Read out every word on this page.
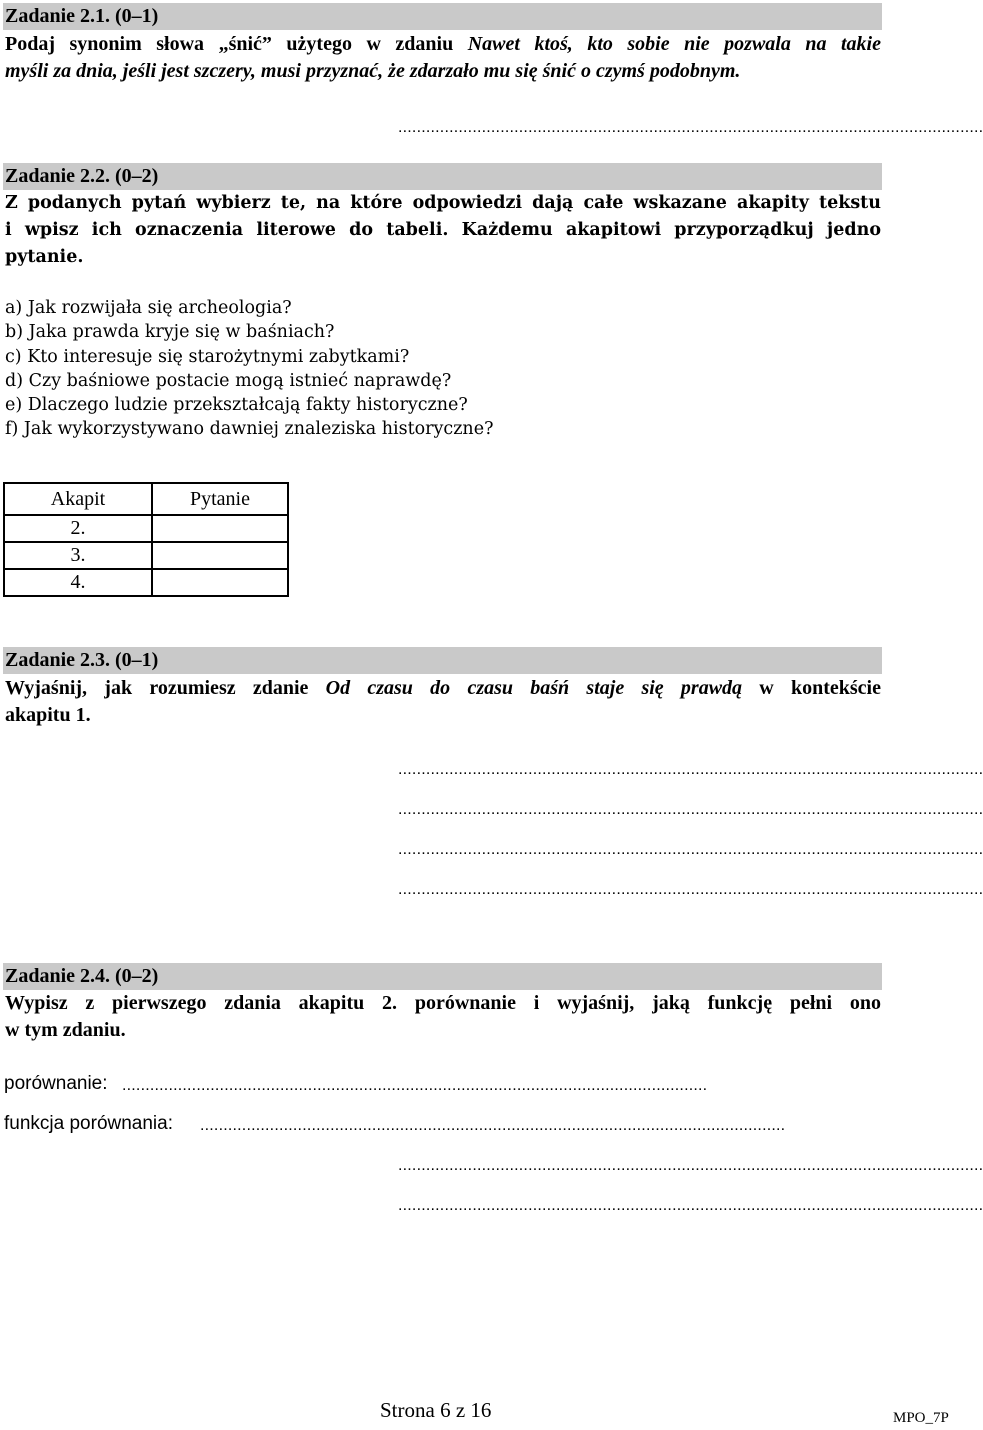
Zadanie 2.1. (0–1)
Podaj synonim słowa „śnić” użytego w zdaniu Nawet ktoś, kto sobie nie pozwala na takie
myśli za dnia, jeśli jest szczery, musi przyznać, że zdarzało mu się śnić o czymś podobnym.
..............................................................................................................................
Zadanie 2.2. (0–2)
Z podanych pytań wybierz te, na które odpowiedzi dają całe wskazane akapity tekstu
i wpisz ich oznaczenia literowe do tabeli. Każdemu akapitowi przyporządkuj jedno
pytanie.
a) Jak rozwijała się archeologia?
b) Jaka prawda kryje się w baśniach?
c) Kto interesuje się starożytnymi zabytkami?
d) Czy baśniowe postacie mogą istnieć naprawdę?
e) Dlaczego ludzie przekształcają fakty historyczne?
f) Jak wykorzystywano dawniej znaleziska historyczne?
Akapit	Pytanie
2.	
3.	
4.	
Zadanie 2.3. (0–1)
Wyjaśnij, jak rozumiesz zdanie Od czasu do czasu baśń staje się prawdą w kontekście
akapitu 1.
..............................................................................................................................
..............................................................................................................................
..............................................................................................................................
..............................................................................................................................
Zadanie 2.4. (0–2)
Wypisz z pierwszego zdania akapitu 2. porównanie i wyjaśnij, jaką funkcję pełni ono
w tym zdaniu.
porównanie: ..............................................................................................................................
funkcja porównania: ..............................................................................................................................
..............................................................................................................................
..............................................................................................................................
Strona 6 z 16	MPO_7P
